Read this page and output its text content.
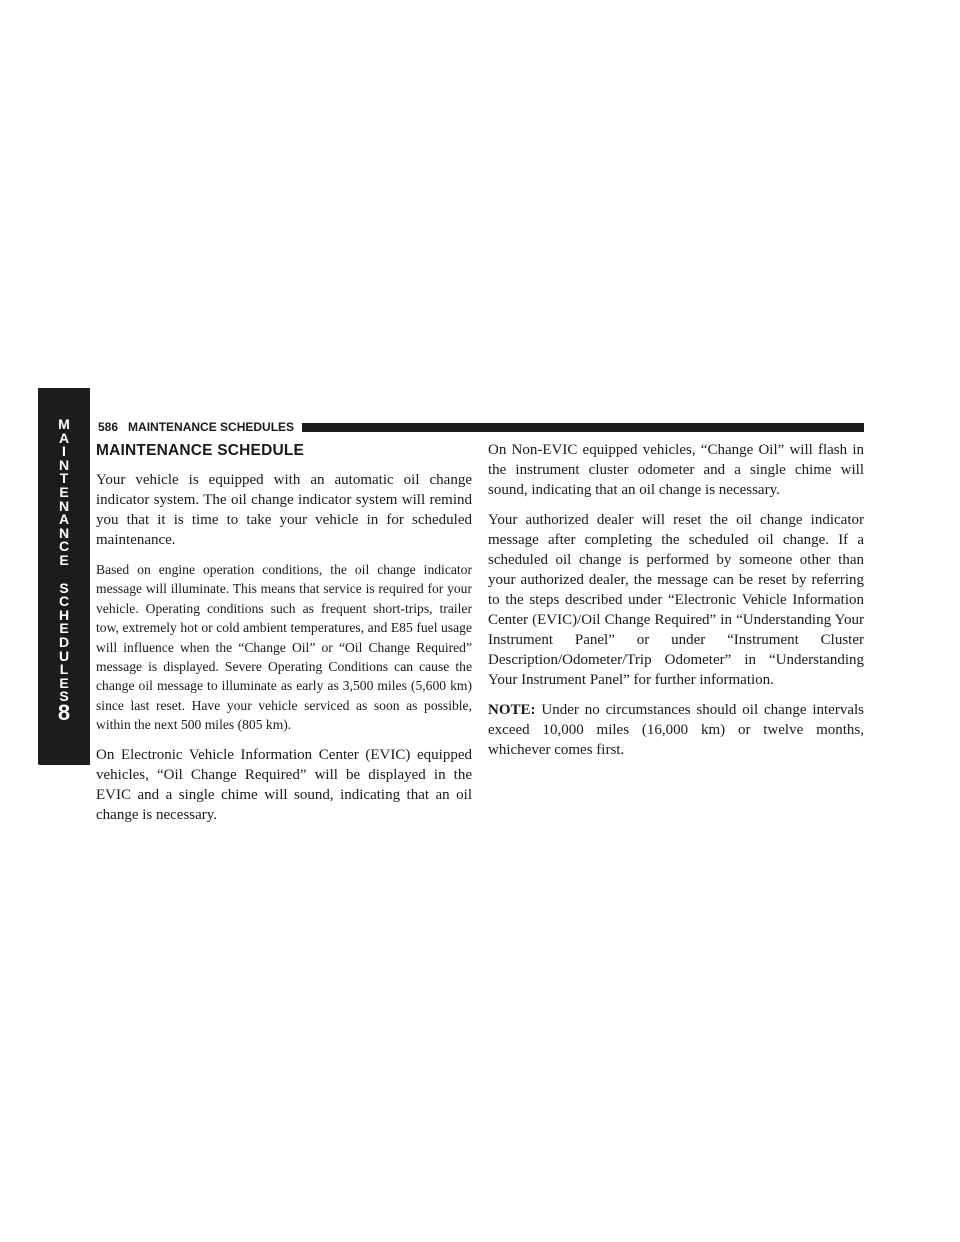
M
A
I
N
T
E
N
A
N
C
E
S
C
H
E
D
U
L
E
S
8
586 MAINTENANCE SCHEDULES
MAINTENANCE SCHEDULE

Your vehicle is equipped with an automatic oil change indicator system. The oil change indicator system will remind you that it is time to take your vehicle in for scheduled maintenance.

Based on engine operation conditions, the oil change indicator message will illuminate. This means that service is required for your vehicle. Operating conditions such as frequent short-trips, trailer tow, extremely hot or cold ambient temperatures, and E85 fuel usage will influence when the “Change Oil” or “Oil Change Required” message is displayed. Severe Operating Conditions can cause the change oil message to illuminate as early as 3,500 miles (5,600 km) since last reset. Have your vehicle serviced as soon as possible, within the next 500 miles (805 km).

On Electronic Vehicle Information Center (EVIC) equipped vehicles, “Oil Change Required” will be displayed in the EVIC and a single chime will sound, indicating that an oil change is necessary.

On Non-EVIC equipped vehicles, “Change Oil” will flash in the instrument cluster odometer and a single chime will sound, indicating that an oil change is necessary.

Your authorized dealer will reset the oil change indicator message after completing the scheduled oil change. If a scheduled oil change is performed by someone other than your authorized dealer, the message can be reset by referring to the steps described under “Electronic Vehicle Information Center (EVIC)/Oil Change Required” in “Understanding Your Instrument Panel” or under “Instrument Cluster Description/Odometer/Trip Odometer” in “Understanding Your Instrument Panel” for further information.

NOTE: Under no circumstances should oil change intervals exceed 10,000 miles (16,000 km) or twelve months, whichever comes first.
